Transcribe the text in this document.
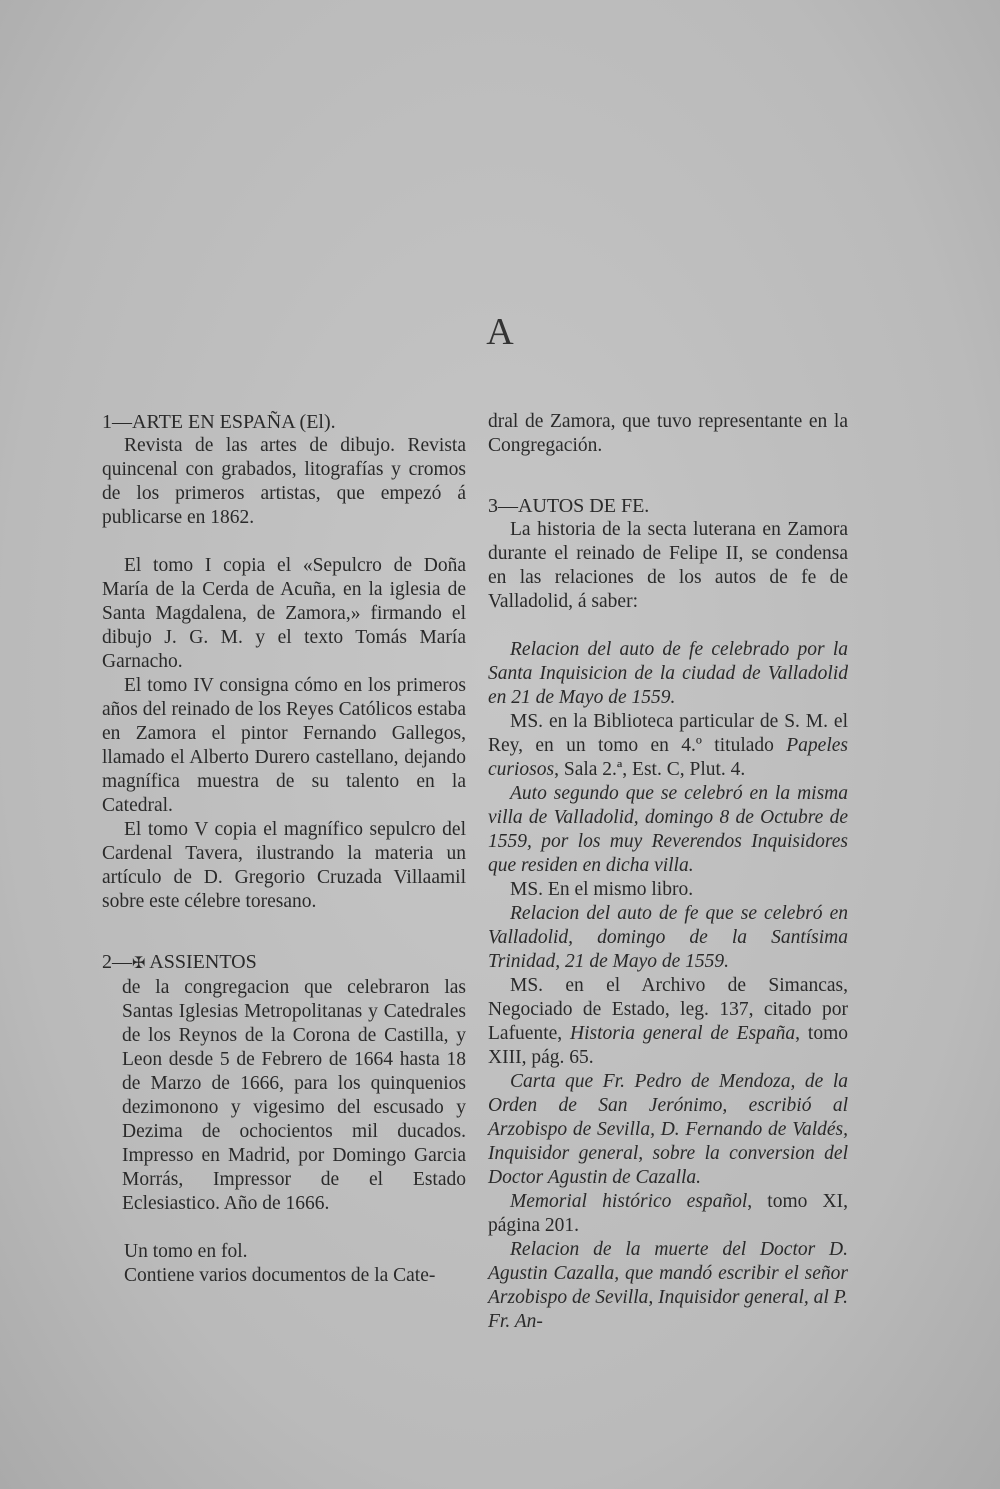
A

1—ARTE EN ESPAÑA (El).

Revista de las artes de dibujo. Revista quincenal con grabados, litografías y cromos de los primeros artistas, que empezó á publicarse en 1862.

El tomo I copia el «Sepulcro de Doña María de la Cerda de Acuña, en la iglesia de Santa Magdalena, de Zamora,» firmando el dibujo J. G. M. y el texto Tomás María Garnacho.

El tomo IV consigna cómo en los primeros años del reinado de los Reyes Católicos estaba en Zamora el pintor Fernando Gallegos, llamado el Alberto Durero castellano, dejando magnífica muestra de su talento en la Catedral.

El tomo V copia el magnífico sepulcro del Cardenal Tavera, ilustrando la materia un artículo de D. Gregorio Cruzada Villaamil sobre este célebre toresano.

2—✠ ASSIENTOS

de la congregacion que celebraron las Santas Iglesias Metropolitanas y Catedrales de los Reynos de la Corona de Castilla, y Leon desde 5 de Febrero de 1664 hasta 18 de Marzo de 1666, para los quinquenios dezimonono y vigesimo del escusado y Dezima de ochocientos mil ducados. Impresso en Madrid, por Domingo Garcia Morrás, Impressor de el Estado Eclesiastico. Año de 1666.

Un tomo en fol.

Contiene varios documentos de la Cate-

dral de Zamora, que tuvo representante en la Congregación.

3—AUTOS DE FE.

La historia de la secta luterana en Zamora durante el reinado de Felipe II, se condensa en las relaciones de los autos de fe de Valladolid, á saber:

Relacion del auto de fe celebrado por la Santa Inquisicion de la ciudad de Valladolid en 21 de Mayo de 1559.

MS. en la Biblioteca particular de S. M. el Rey, en un tomo en 4.º titulado Papeles curiosos, Sala 2.ª, Est. C, Plut. 4.

Auto segundo que se celebró en la misma villa de Valladolid, domingo 8 de Octubre de 1559, por los muy Reverendos Inquisidores que residen en dicha villa.

MS. En el mismo libro.

Relacion del auto de fe que se celebró en Valladolid, domingo de la Santísima Trinidad, 21 de Mayo de 1559.

MS. en el Archivo de Simancas, Negociado de Estado, leg. 137, citado por Lafuente, Historia general de España, tomo XIII, pág. 65.

Carta que Fr. Pedro de Mendoza, de la Orden de San Jerónimo, escribió al Arzobispo de Sevilla, D. Fernando de Valdés, Inquisidor general, sobre la conversion del Doctor Agustin de Cazalla.

Memorial histórico español, tomo XI, página 201.

Relacion de la muerte del Doctor D. Agustin Cazalla, que mandó escribir el señor Arzobispo de Sevilla, Inquisidor general, al P. Fr. An-
